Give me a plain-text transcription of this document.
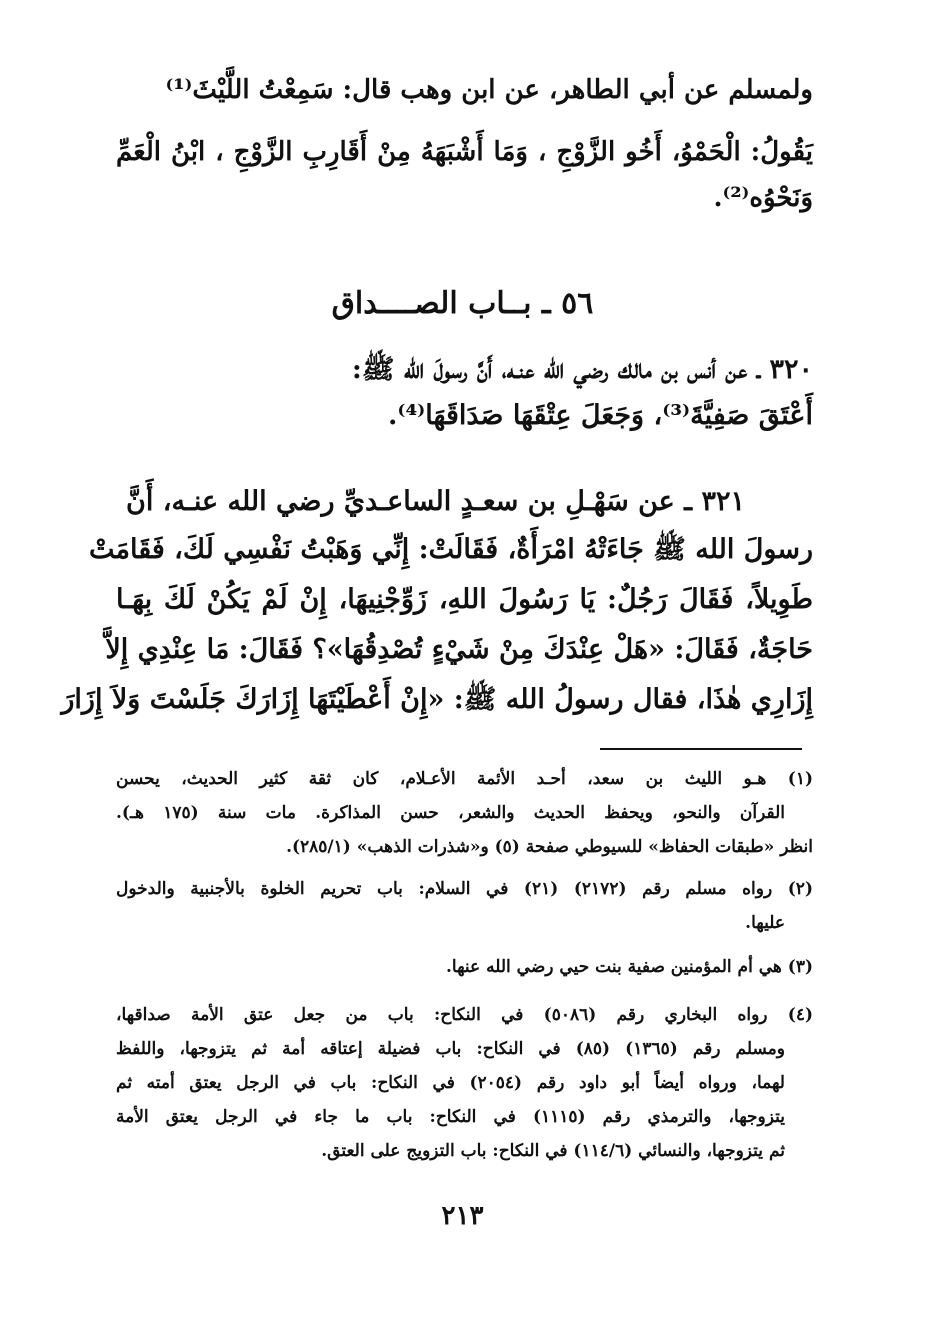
ولمسلم عن أبي الطاهر، عن ابن وهب قال: سَمِعْتُ اللَّيْثَ⁽¹⁾
يَقُولُ: الْحَمْوُ، أَخُو الزَّوْجِ ، وَمَا أَشْبَهَهُ مِنْ أَقَارِبِ الزَّوْجِ ، ابْنُ الْعَمِّ
وَنَحْوُه⁽²⁾.
٥٦ ـ بــاب الصــــداق
٣٢٠ ـ عن أنس بن مالك رضي الله عنـه، أَنَّ رسولَ الله ﷺ:
أَعْتَقَ صَفِيَّةَ⁽³⁾، وَجَعَلَ عِتْقَهَا صَدَاقَهَا⁽⁴⁾.
٣٢١ ـ عن سَهْـلِ بن سعـدٍ الساعـديِّ رضي الله عنـه، أَنَّ
رسولَ الله ﷺ جَاءَتْهُ امْرَأَةٌ، فَقَالَتْ: إِنِّي وَهَبْتُ نَفْسِي لَكَ، فَقَامَتْ
طَوِيلاً، فَقَالَ رَجُلٌ: يَا رَسُولَ اللهِ، زَوِّجْنِيهَا، إِنْ لَمْ يَكُنْ لَكَ بِهَـا
حَاجَةٌ، فَقَالَ: «هَلْ عِنْدَكَ مِنْ شَيْءٍ تُصْدِقُهَا»؟ فَقَالَ: مَا عِنْدِي إِلاَّ
إِزَارِي هٰذَا، فقال رسولُ الله ﷺ: «إِنْ أَعْطَيْتَهَا إِزَارَكَ جَلَسْتَ وَلاَ إِزَارَ
(١) هـو الليث بن سعد، أحـد الأئمة الأعـلام، كان ثقة كثير الحديث، يحسن
القرآن والنحو، ويحفظ الحديث والشعر، حسن المذاكرة. مات سنة (١٧٥ هـ).
انظر «طبقات الحفاظ» للسيوطي صفحة (٥) و«شذرات الذهب» (٢٨٥/١).
(٢) رواه مسلم رقم (٢١٧٢) (٢١) في السلام: باب تحريم الخلوة بالأجنبية والدخول
عليها.
(٣) هي أم المؤمنين صفية بنت حيي رضي الله عنها.
(٤) رواه البخاري رقم (٥٠٨٦) في النكاح: باب من جعل عتق الأمة صداقها،
ومسلم رقم (١٣٦٥) (٨٥) في النكاح: باب فضيلة إعتاقه أمة ثم يتزوجها، واللفظ
لهما، ورواه أيضاً أبو داود رقم (٢٠٥٤) في النكاح: باب في الرجل يعتق أمته ثم
يتزوجها، والترمذي رقم (١١١٥) في النكاح: باب ما جاء في الرجل يعتق الأمة
ثم يتزوجها، والنسائي (١١٤/٦) في النكاح: باب التزويج على العتق.
٢١٣
